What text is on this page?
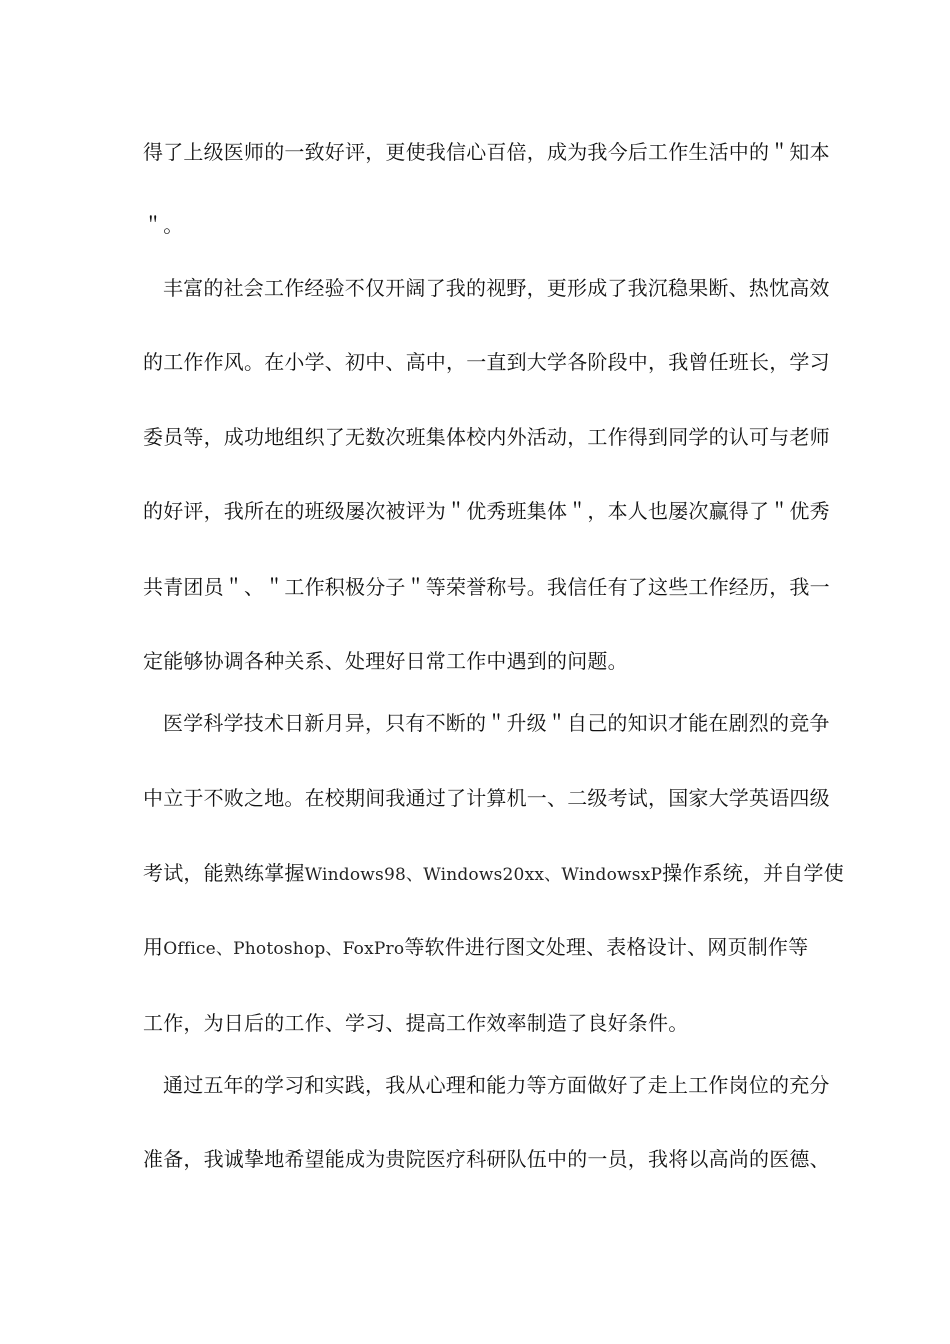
得了上级医师的一致好评，更使我信心百倍，成为我今后工作生活中的＂知本
＂。
丰富的社会工作经验不仅开阔了我的视野，更形成了我沉稳果断、热忱高效
的工作作风。在小学、初中、高中，一直到大学各阶段中，我曾任班长，学习
委员等，成功地组织了无数次班集体校内外活动，工作得到同学的认可与老师
的好评，我所在的班级屡次被评为＂优秀班集体＂，本人也屡次赢得了＂优秀
共青团员＂、＂工作积极分子＂等荣誉称号。我信任有了这些工作经历，我一
定能够协调各种关系、处理好日常工作中遇到的问题。
医学科学技术日新月异，只有不断的＂升级＂自己的知识才能在剧烈的竞争
中立于不败之地。在校期间我通过了计算机一、二级考试，国家大学英语四级
考试，能熟练掌握Windows98、Windows20xx、WindowsxP操作系统，并自学使
用Office、Photoshop、FoxPro等软件进行图文处理、表格设计、网页制作等
工作，为日后的工作、学习、提高工作效率制造了良好条件。
通过五年的学习和实践，我从心理和能力等方面做好了走上工作岗位的充分
准备，我诚挚地希望能成为贵院医疗科研队伍中的一员，我将以高尚的医德、
